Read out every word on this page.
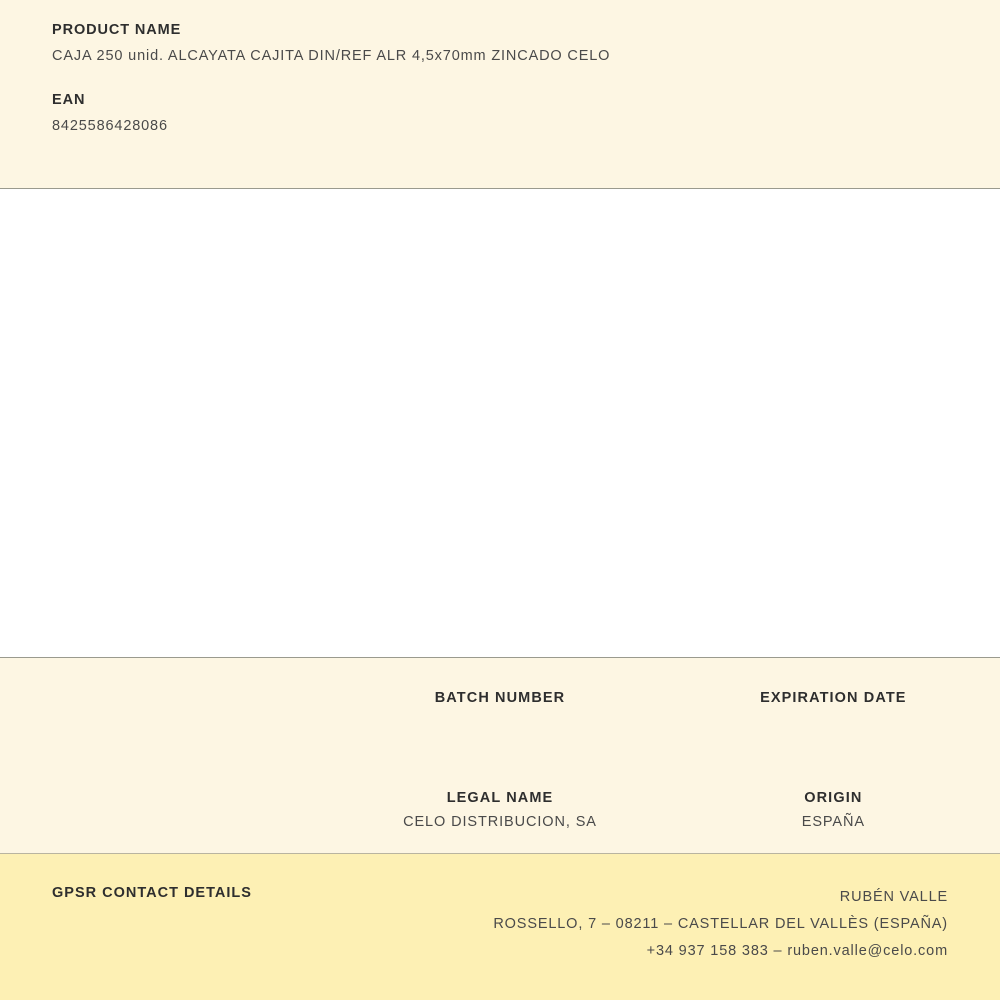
PRODUCT NAME

CAJA 250 unid. ALCAYATA CAJITA DIN/REF ALR 4,5x70mm ZINCADO CELO

EAN

8425586428086

BATCH NUMBER	EXPIRATION DATE

LEGAL NAME

CELO DISTRIBUCION, SA

ORIGIN

ESPAÑA

GPSR CONTACT DETAILS	RUBÉN VALLE

ROSSELLO, 7 – 08211 – CASTELLAR DEL VALLÈS (ESPAÑA)

+34 937 158 383 – ruben.valle@celo.com
